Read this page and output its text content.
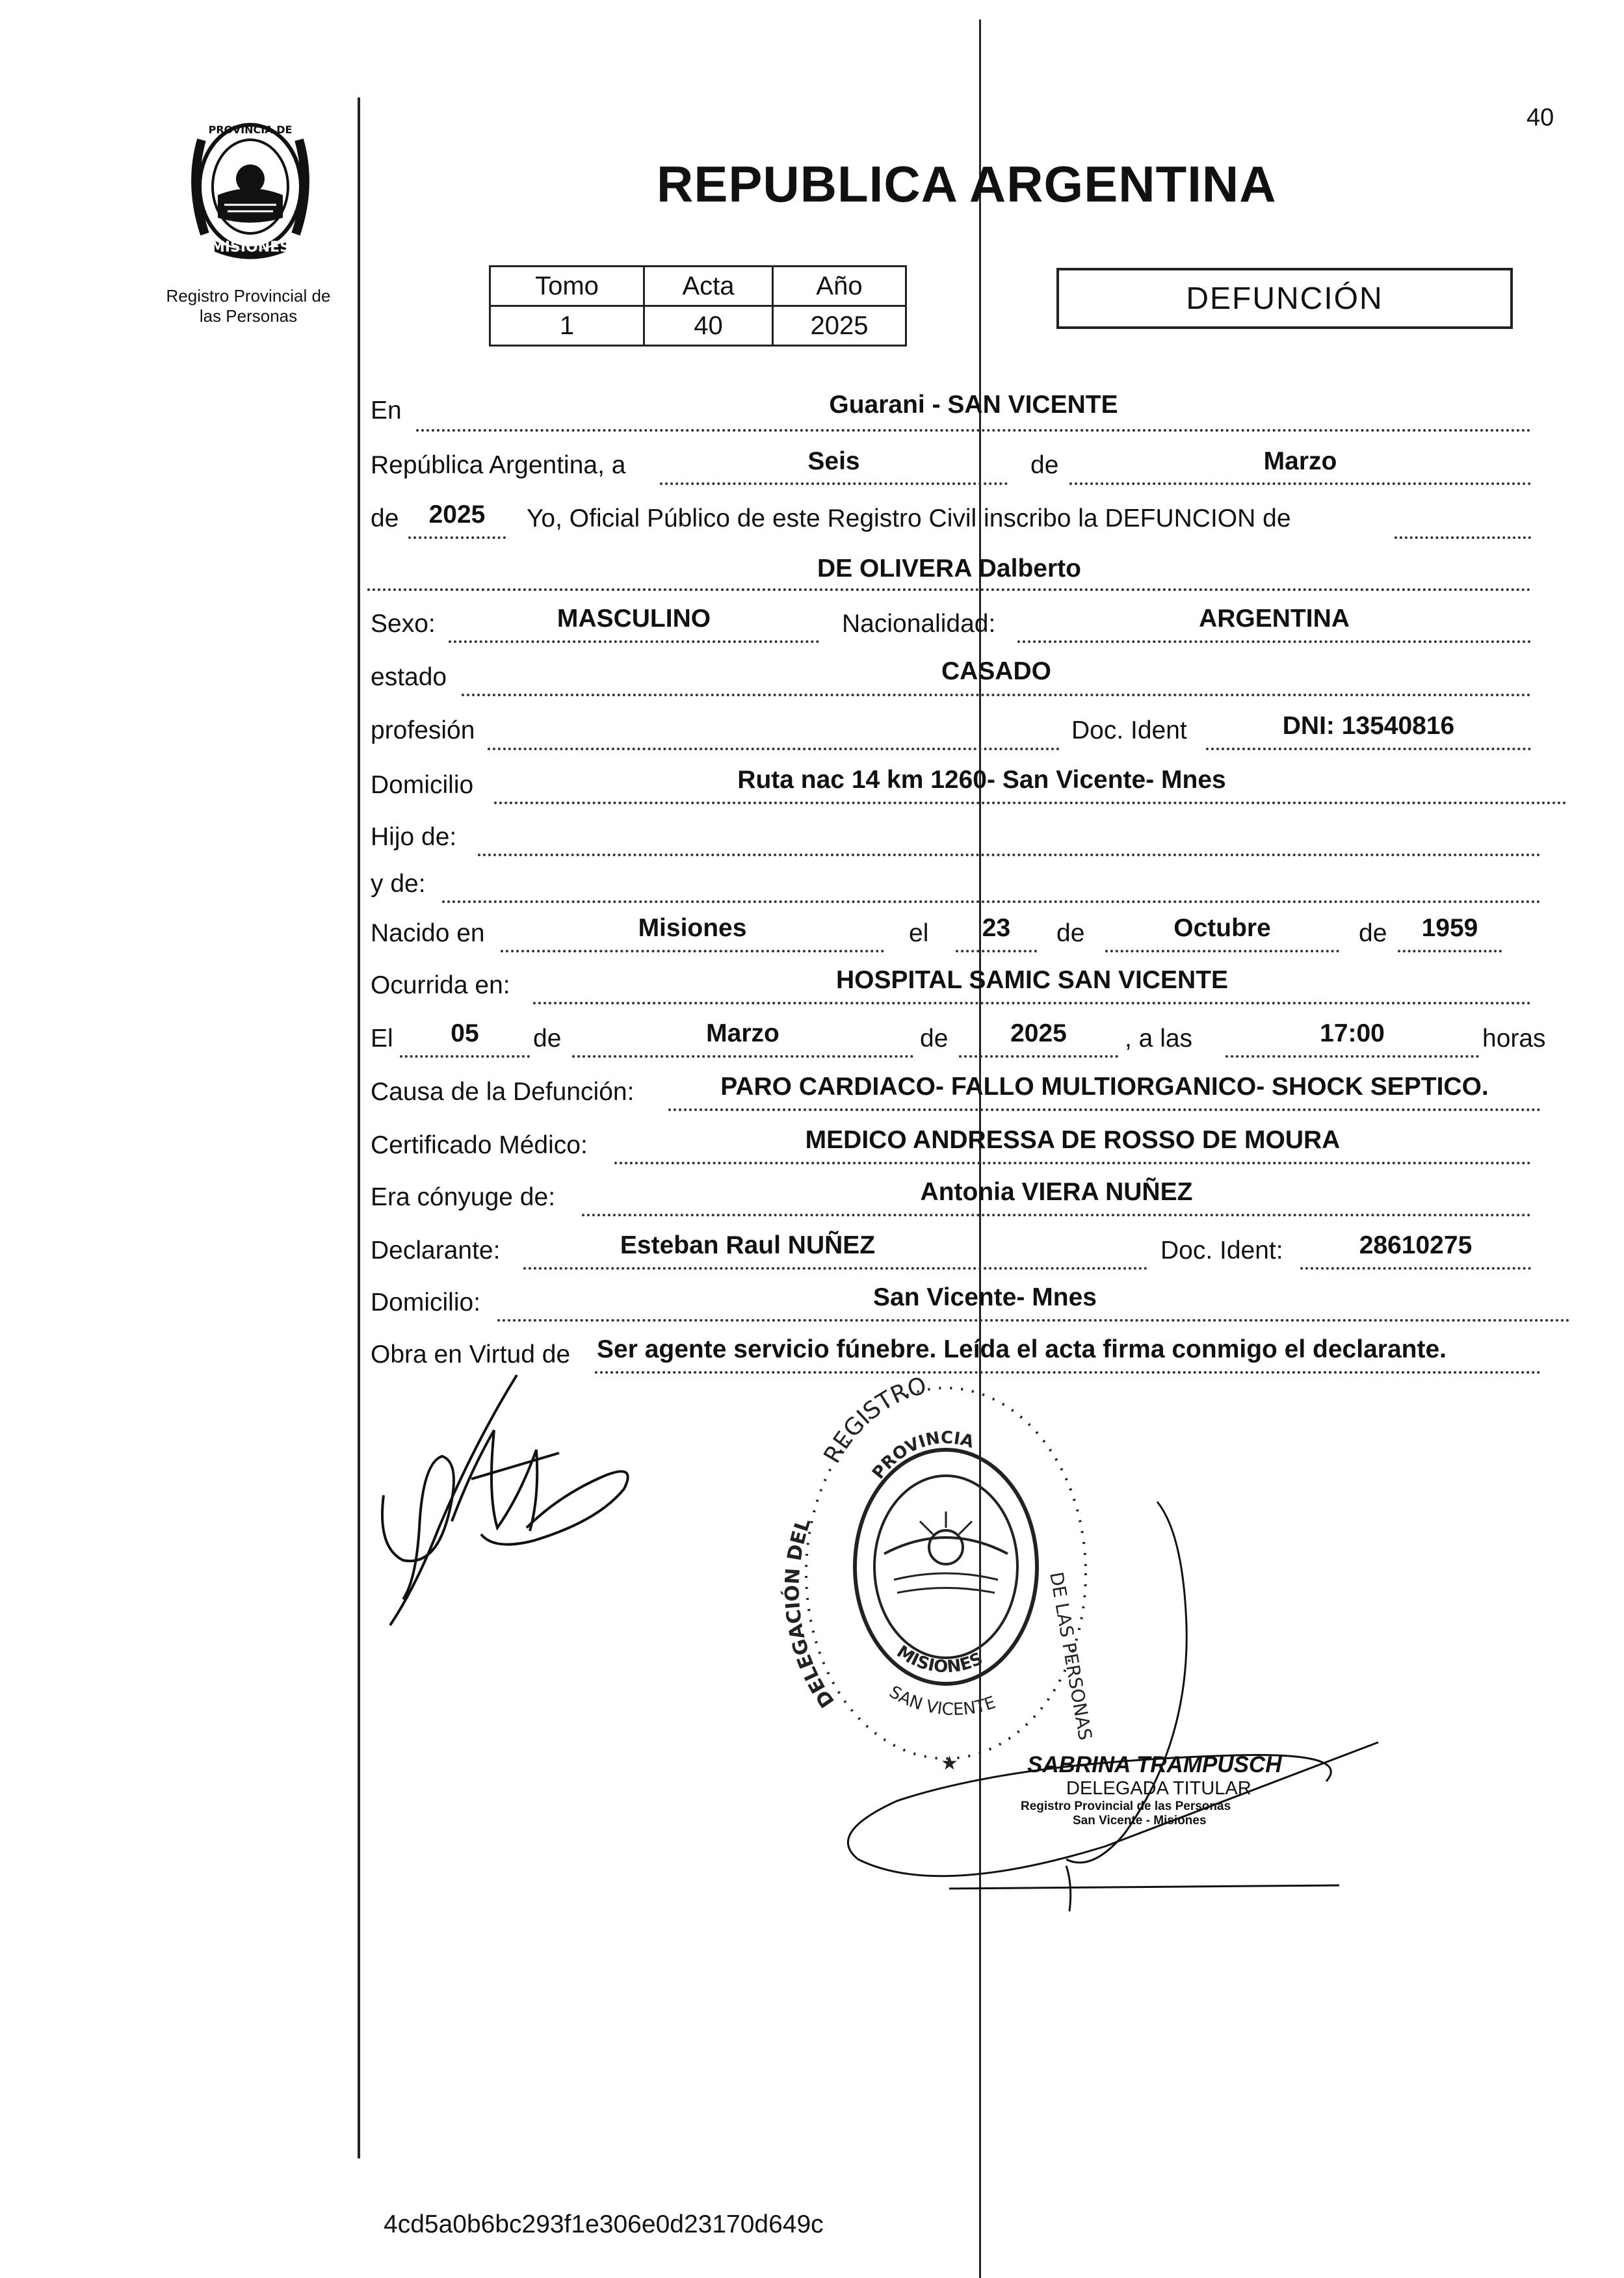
40
MISIONES
PROVINCIA DE
Registro Provincial de
las Personas
REPUBLICA ARGENTINA
Tomo	Acta	Año
1	40	2025
DEFUNCIÓN
En	Guarani - SAN VICENTE
República Argentina, a	Seis	de	Marzo
de	2025	Yo, Oficial Público de este Registro Civil inscribo la DEFUNCION de
DE OLIVERA Dalberto
Sexo:	MASCULINO	Nacionalidad:	ARGENTINA
estado	CASADO
profesión	Doc. Ident	DNI: 13540816
Domicilio	Ruta nac 14 km 1260- San Vicente- Mnes
Hijo de:
y de:
Nacido en	Misiones	el	23	de	Octubre	de	1959
Ocurrida en:	HOSPITAL SAMIC SAN VICENTE
El	05	de	Marzo	de	2025	, a las	17:00	horas
Causa de la Defunción:	PARO CARDIACO- FALLO MULTIORGANICO- SHOCK SEPTICO.
Certificado Médico:	MEDICO ANDRESSA DE ROSSO DE MOURA
Era cónyuge de:	Antonia VIERA NUÑEZ
Declarante:	Esteban Raul NUÑEZ	Doc. Ident:	28610275
Domicilio:	San Vicente- Mnes
Obra en Virtud de Ser agente servicio fúnebre. Leída el acta firma conmigo el declarante.
REGISTRO
DELEGACIÓN DEL
PROVINCIA
MISIONES
SAN VICENTE	DE LAS PERSONAS
★	SABRINA TRAMPUSCH
DELEGADA TITULAR
Registro Provincial de las Personas
San Vicente - Misiones
4cd5a0b6bc293f1e306e0d23170d649c
